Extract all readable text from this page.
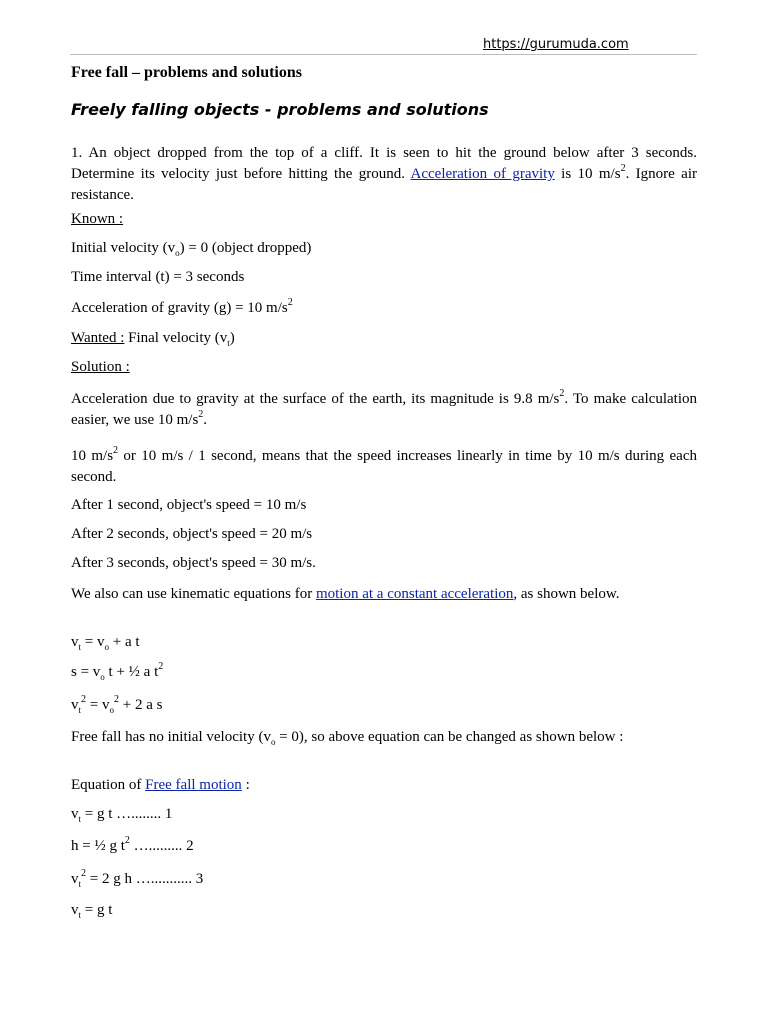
https://gurumuda.com
Free fall – problems and solutions
Freely falling objects - problems and solutions
1. An object dropped from the top of a cliff. It is seen to hit the ground below after 3 seconds. Determine its velocity just before hitting the ground. Acceleration of gravity is 10 $m/s^2$. Ignore air resistance.
Known :
Initial velocity $(v_o) = 0$ (object dropped)
Time interval (t) = 3 seconds
Acceleration of gravity (g) = 10 $m/s^2$
Wanted : Final velocity $(v_t)$
Solution :
Acceleration due to gravity at the surface of the earth, its magnitude is 9.8 $m/s^2$. To make calculation easier, we use 10 $m/s^2$.
10 $m/s^2$ or 10 m/s / 1 second, means that the speed increases linearly in time by 10 m/s during each second.
After 1 second, object's speed = 10 m/s
After 2 seconds, object's speed = 20 m/s
After 3 seconds, object's speed = 30 m/s.
We also can use kinematic equations for motion at a constant acceleration, as shown below.
$v_t = v_o + a$ t
$s = v_o$ t + ½ a $t^2$
$v_t^2 = v_o^2 + 2$ a s
Free fall has no initial velocity $(v_o = 0)$, so above equation can be changed as shown below :
Equation of Free fall motion :
$v_t = g$ t …........ 1
h = ½ g $t^2$ …......... 2
$v_t^2 = 2$ g h …........... 3
$v_t = g$ t
